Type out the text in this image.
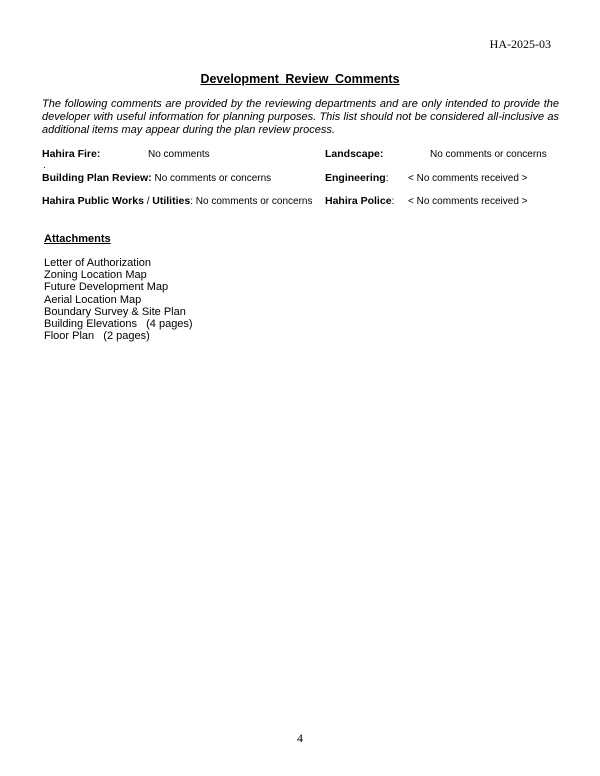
HA-2025-03
Development Review Comments

The following comments are provided by the reviewing departments and are only intended to provide the developer with useful information for planning purposes. This list should not be considered all-inclusive as additional items may appear during the plan review process.

Hahira Fire:	No comments	Landscape:	No comments or concerns
.
Building Plan Review: No comments or concerns	Engineering: < No comments received >
Hahira Public Works / Utilities: No comments or concerns Hahira Police: < No comments received >
Attachments
Letter of Authorization
Zoning Location Map
Future Development Map
Aerial Location Map
Boundary Survey & Site Plan
Building Elevations   (4 pages)
Floor Plan   (2 pages)
4
